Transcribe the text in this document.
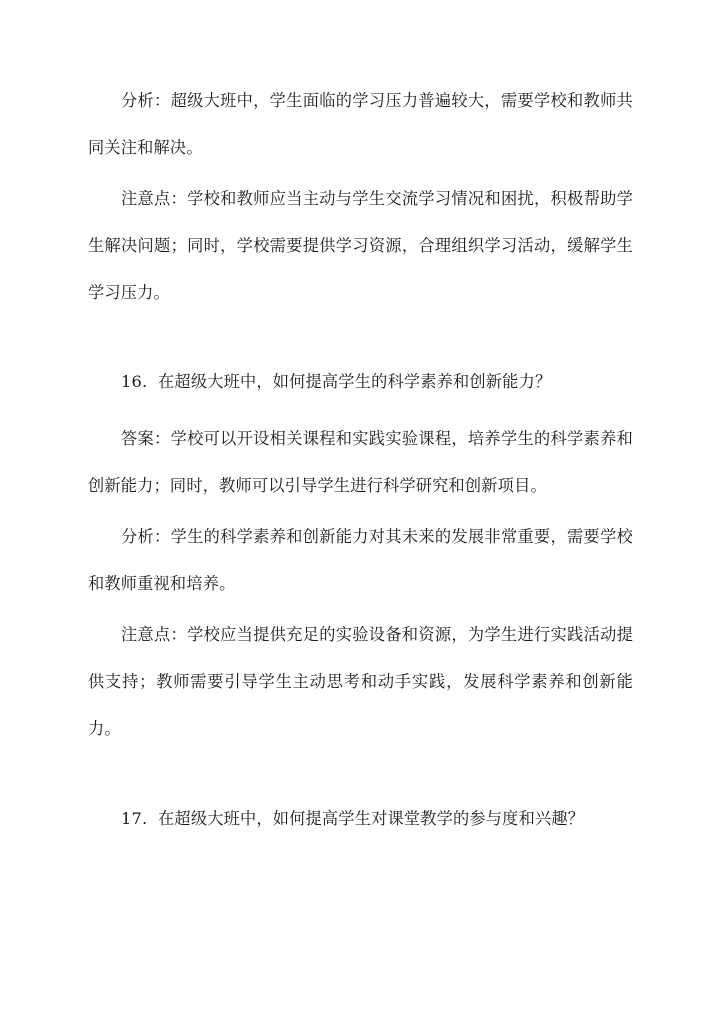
分析：超级大班中，学生面临的学习压力普遍较大，需要学校和教师共同关注和解决。

注意点：学校和教师应当主动与学生交流学习情况和困扰，积极帮助学生解决问题；同时，学校需要提供学习资源，合理组织学习活动，缓解学生学习压力。

16. 在超级大班中，如何提高学生的科学素养和创新能力？

答案：学校可以开设相关课程和实践实验课程，培养学生的科学素养和创新能力；同时，教师可以引导学生进行科学研究和创新项目。

分析：学生的科学素养和创新能力对其未来的发展非常重要，需要学校和教师重视和培养。

注意点：学校应当提供充足的实验设备和资源，为学生进行实践活动提供支持；教师需要引导学生主动思考和动手实践，发展科学素养和创新能力。

17. 在超级大班中，如何提高学生对课堂教学的参与度和兴趣？
